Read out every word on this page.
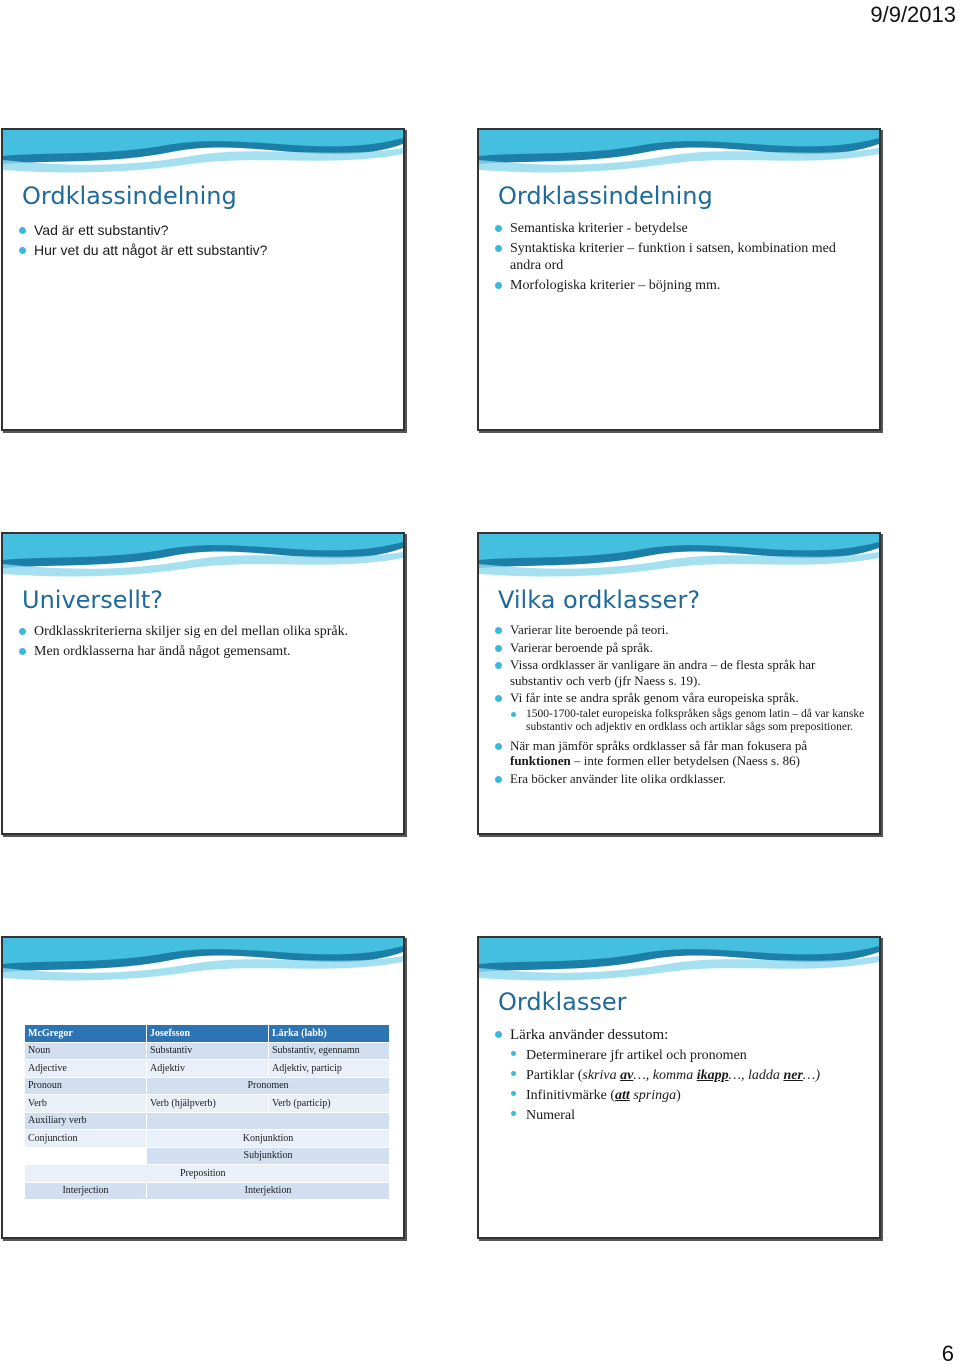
9/9/2013
Ordklassindelning
Vad är ett substantiv?
Hur vet du att något är ett substantiv?
Ordklassindelning
Semantiska kriterier - betydelse
Syntaktiska kriterier – funktion i satsen, kombination med andra ord
Morfologiska kriterier – böjning mm.
Universellt?
Ordklasskriterierna skiljer sig en del mellan olika språk.
Men ordklasserna har ändå något gemensamt.
Vilka ordklasser?
Varierar lite beroende på teori.
Varierar beroende på språk.
Vissa ordklasser är vanligare än andra – de flesta språk har substantiv och verb (jfr Naess s. 19).
Vi får inte se andra språk genom våra europeiska språk.
1500-1700-talet europeiska folkspråken sågs genom latin – då var kanske substantiv och adjektiv en ordklass och artiklar sågs som prepositioner.
När man jämför språks ordklasser så får man fokusera på funktionen – inte formen eller betydelsen (Naess s. 86)
Era böcker använder lite olika ordklasser.
McGregor	Josefsson	Lärka (labb)
Noun	Substantiv	Substantiv, egennamn
Adjective	Adjektiv	Adjektiv, particip
Pronoun	Pronomen	
Verb	Verb (hjälpverb)	Verb (particip)
Auxiliary verb		
Conjunction	Konjunktion	
	Subjunktion	
Preposition		
Interjection	Interjektion	
Ordklasser
Lärka använder dessutom:
Determinerare jfr artikel och pronomen
Partiklar (skriva av…, komma ikapp…, ladda ner…)
Infinitivmärke (att springa)
Numeral
6
